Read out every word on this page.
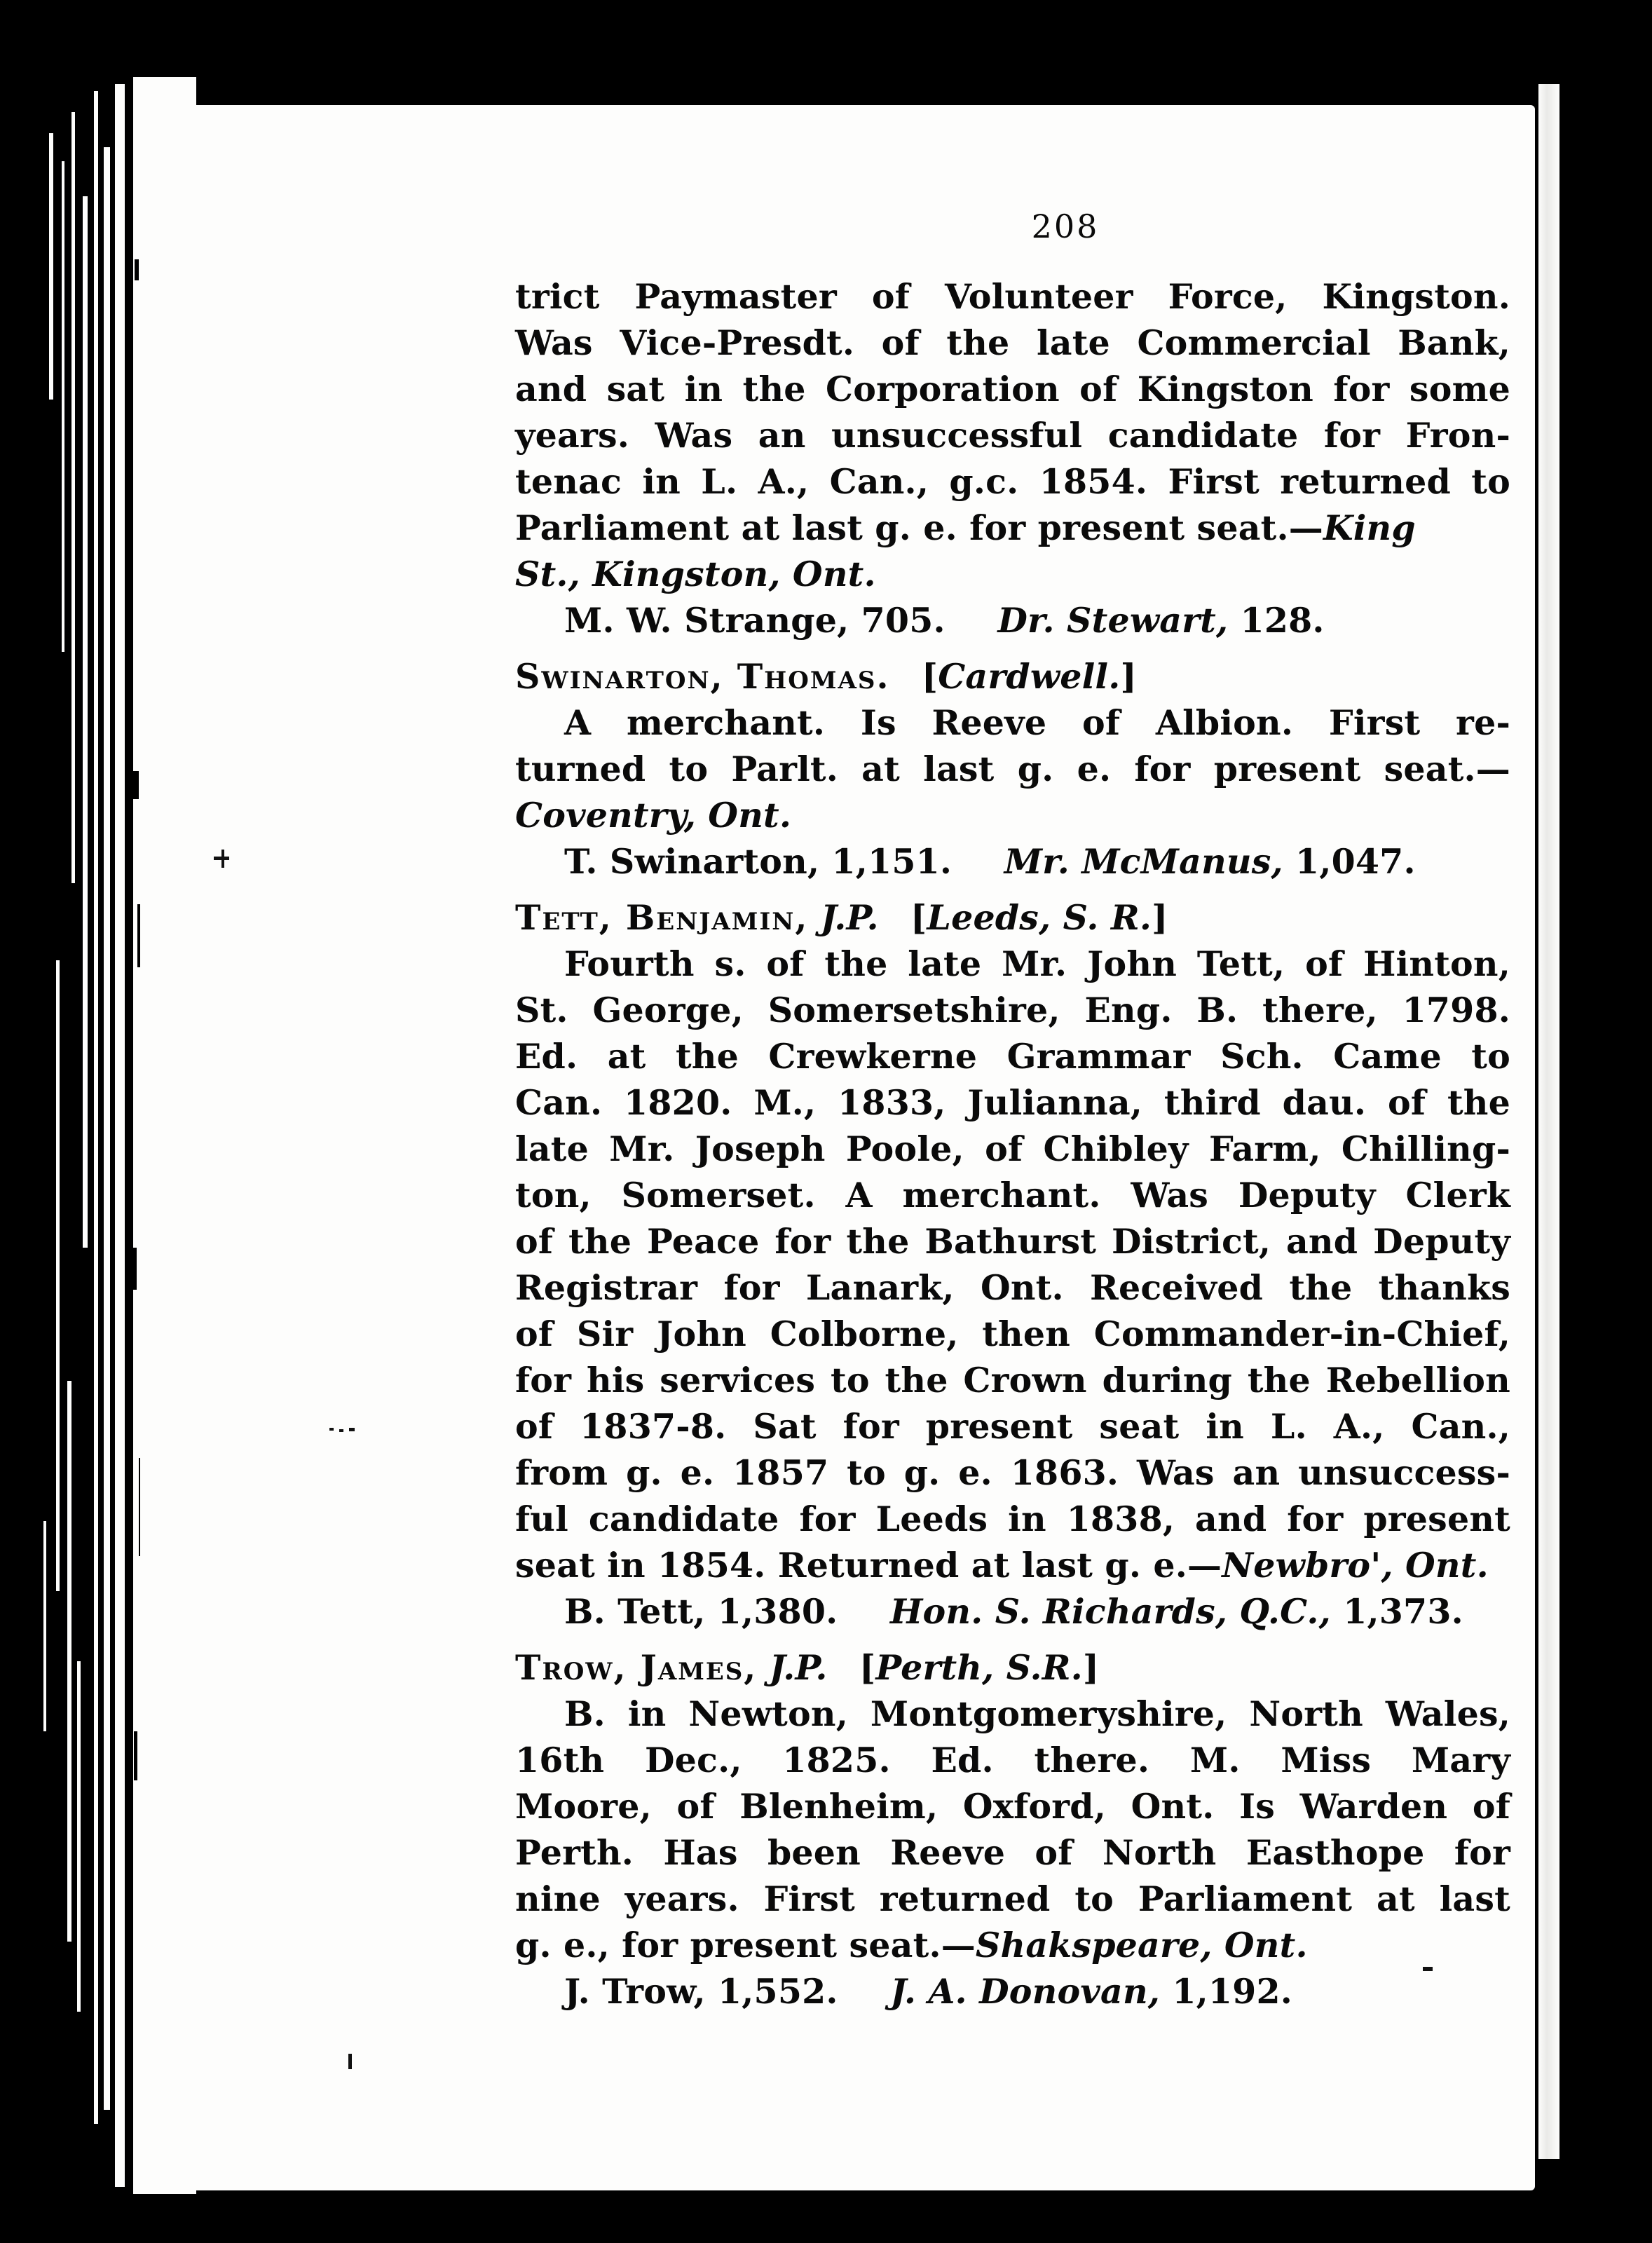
208
trict Paymaster of Volunteer Force, Kingston.
Was Vice-Presdt. of the late Commercial Bank,
and sat in the Corporation of Kingston for some
years. Was an unsuccessful candidate for Fron-
tenac in L. A., Can., g.c. 1854. First returned to
Parliament at last g. e. for present seat.—King
St., Kingston, Ont.
M. W. Strange, 705. Dr. Stewart, 128.
Swinarton, Thomas. [Cardwell.]
A merchant. Is Reeve of Albion. First re-
turned to Parlt. at last g. e. for present seat.—
Coventry, Ont.
T. Swinarton, 1,151. Mr. McManus, 1,047.
Tett, Benjamin, J.P. [Leeds, S. R.]
Fourth s. of the late Mr. John Tett, of Hinton,
St. George, Somersetshire, Eng. B. there, 1798.
Ed. at the Crewkerne Grammar Sch. Came to
Can. 1820. M., 1833, Julianna, third dau. of the
late Mr. Joseph Poole, of Chibley Farm, Chilling-
ton, Somerset. A merchant. Was Deputy Clerk
of the Peace for the Bathurst District, and Deputy
Registrar for Lanark, Ont. Received the thanks
of Sir John Colborne, then Commander-in-Chief,
for his services to the Crown during the Rebellion
of 1837-8. Sat for present seat in L. A., Can.,
from g. e. 1857 to g. e. 1863. Was an unsuccess-
ful candidate for Leeds in 1838, and for present
seat in 1854. Returned at last g. e.—Newbro', Ont.
B. Tett, 1,380. Hon. S. Richards, Q.C., 1,373.
Trow, James, J.P. [Perth, S.R.]
B. in Newton, Montgomeryshire, North Wales,
16th Dec., 1825. Ed. there. M. Miss Mary
Moore, of Blenheim, Oxford, Ont. Is Warden of
Perth. Has been Reeve of North Easthope for
nine years. First returned to Parliament at last
g. e., for present seat.—Shakspeare, Ont.
J. Trow, 1,552. J. A. Donovan, 1,192.
